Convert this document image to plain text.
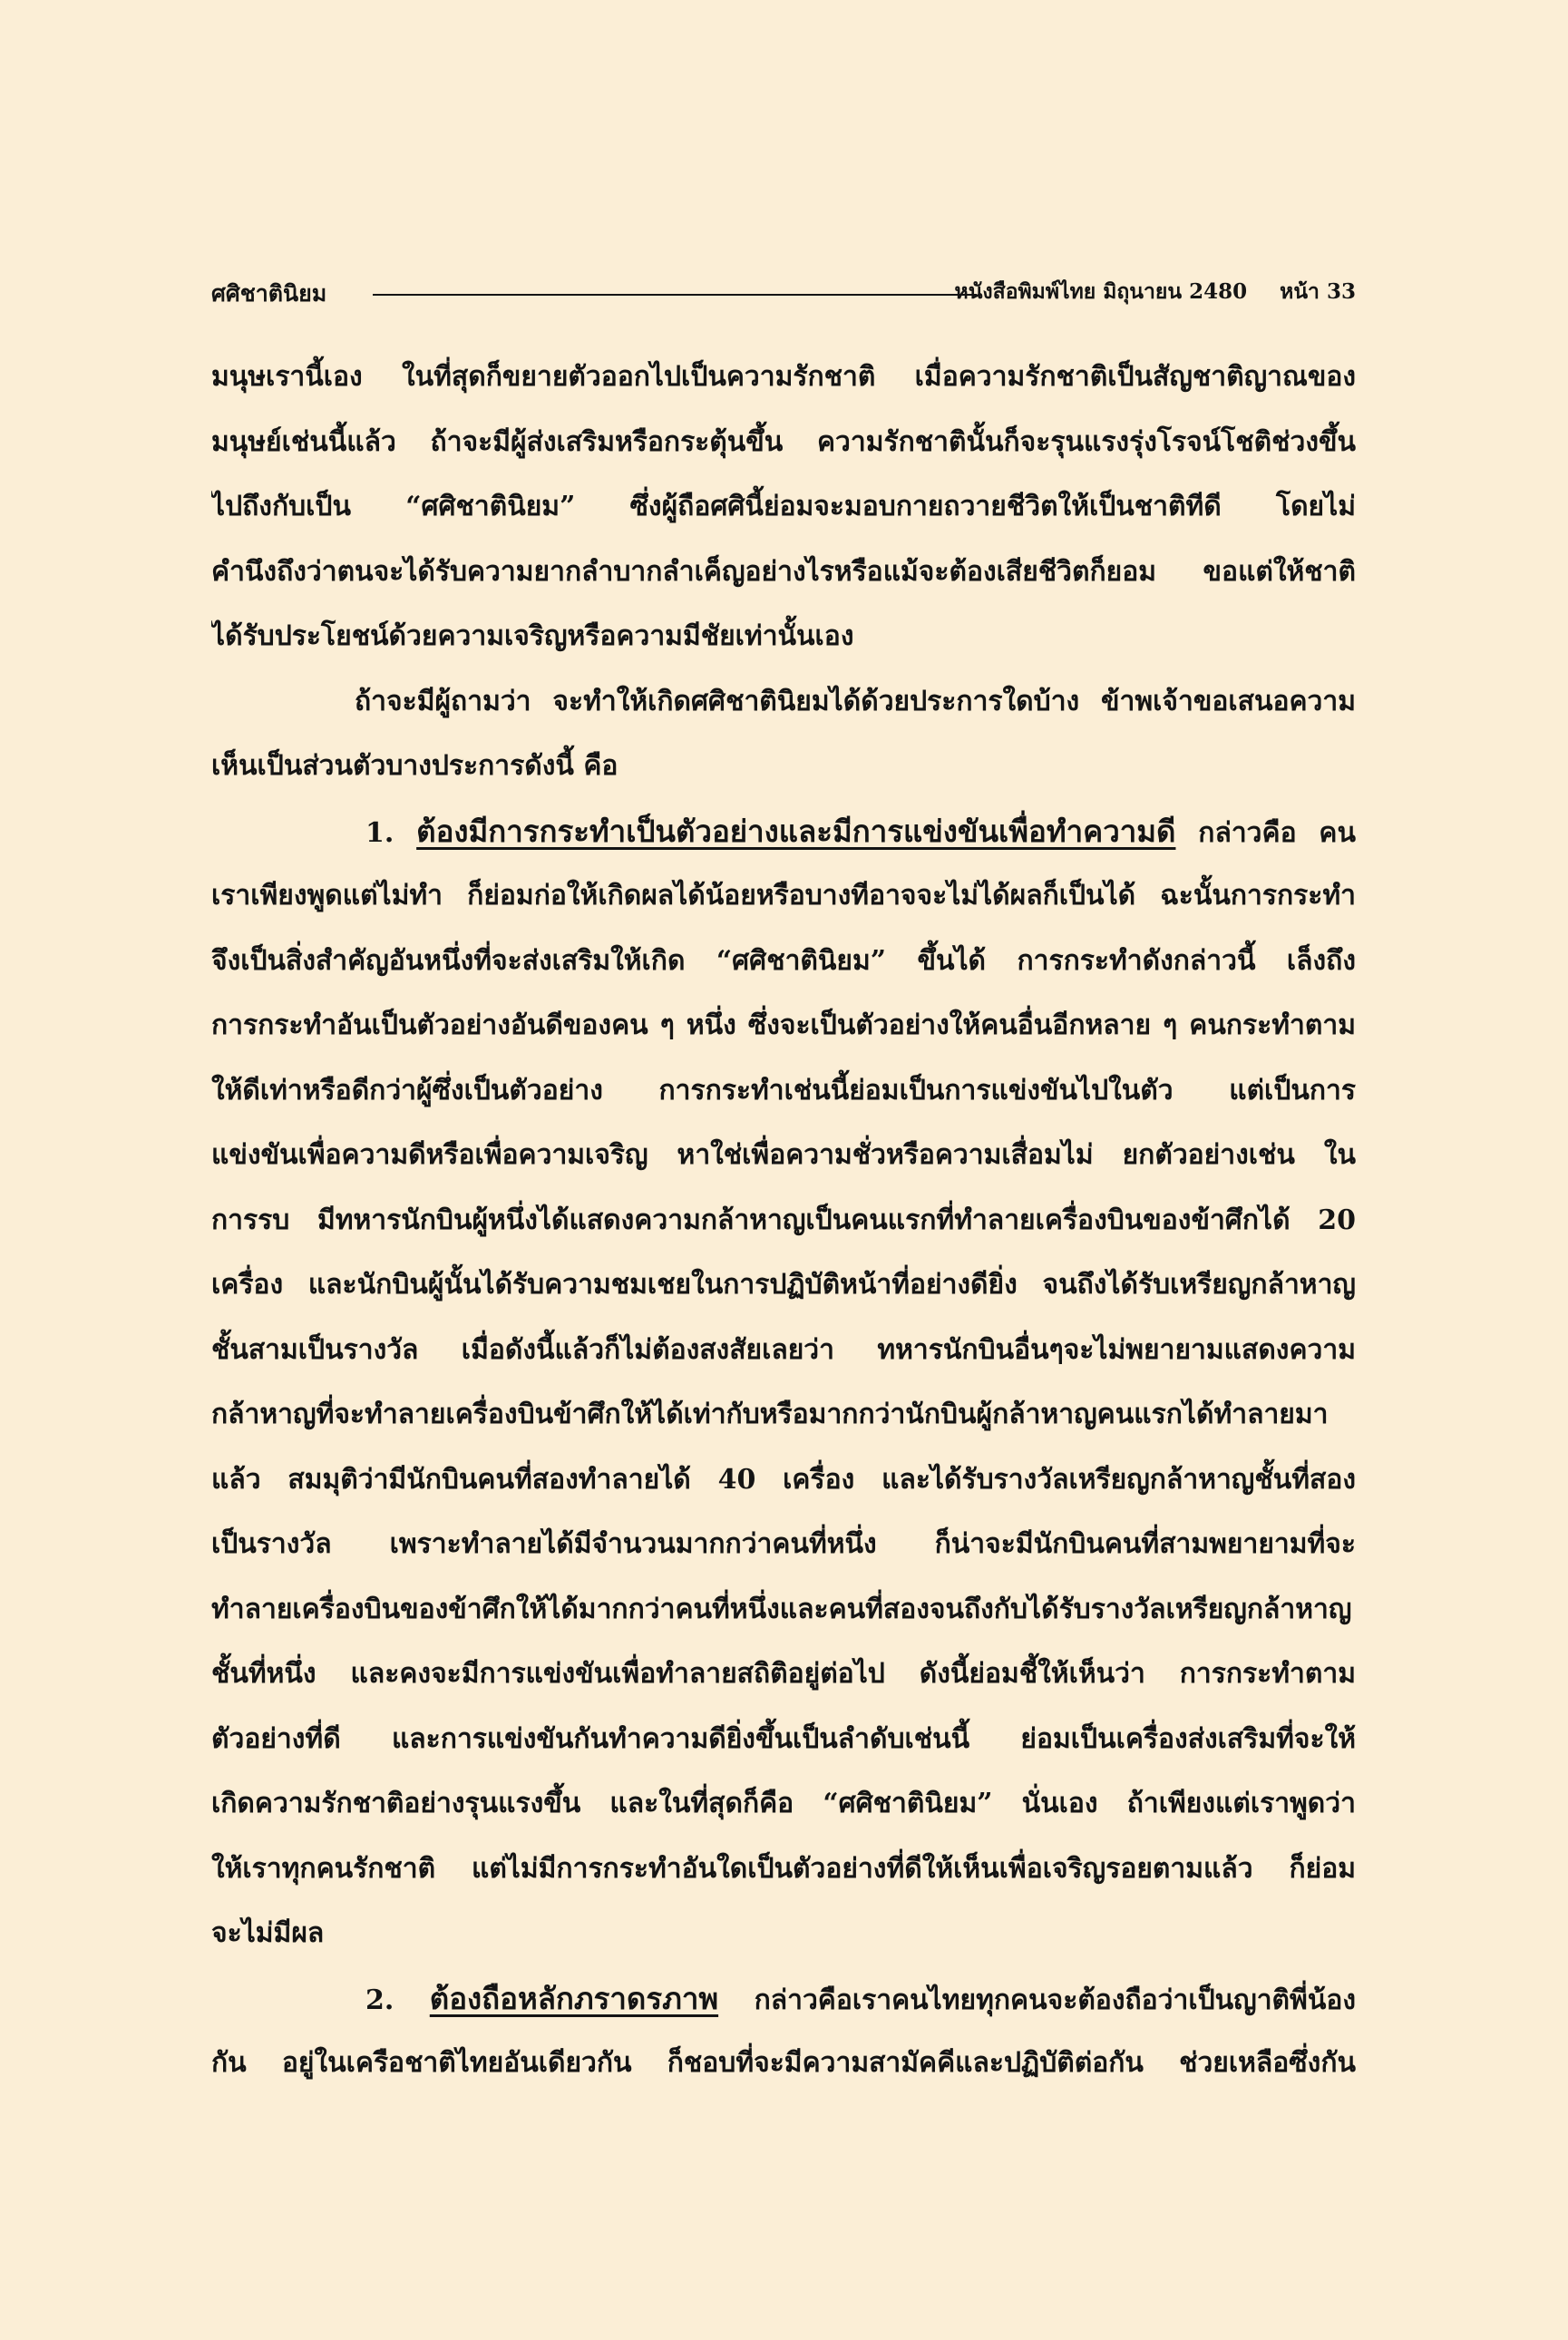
ศศิชาตินิยม	หนังสือพิมพ์ไทย มิถุนายน 2480 หน้า 33
มนุษเรานี้เอง ในที่สุดก็ขยายตัวออกไปเป็นความรักชาติ เมื่อความรักชาติเป็นสัญชาติญาณของ
มนุษย์เช่นนี้แล้ว ถ้าจะมีผู้ส่งเสริมหรือกระตุ้นขึ้น ความรักชาตินั้นก็จะรุนแรงรุ่งโรจน์โชติช่วงขึ้น
ไปถึงกับเป็น “ศศิชาตินิยม” ซึ่งผู้ถือศศินี้ย่อมจะมอบกายถวายชีวิตให้เป็นชาติทีดี โดยไม่
คำนึงถึงว่าตนจะได้รับความยากลำบากลำเค็ญอย่างไรหรือแม้จะต้องเสียชีวิตก็ยอม ขอแต่ให้ชาติ
ได้รับประโยชน์ด้วยความเจริญหรือความมีชัยเท่านั้นเอง
ถ้าจะมีผู้ถามว่า จะทำให้เกิดศศิชาตินิยมได้ด้วยประการใดบ้าง ข้าพเจ้าขอเสนอความ
เห็นเป็นส่วนตัวบางประการดังนี้ คือ
1. ต้องมีการกระทำเป็นตัวอย่างและมีการแข่งขันเพื่อทำความดี กล่าวคือ คน
เราเพียงพูดแต่ไม่ทำ ก็ย่อมก่อให้เกิดผลได้น้อยหรือบางทีอาจจะไม่ได้ผลก็เป็นได้ ฉะนั้นการกระทำ
จึงเป็นสิ่งสำคัญอันหนึ่งที่จะส่งเสริมให้เกิด “ศศิชาตินิยม” ขึ้นได้ การกระทำดังกล่าวนี้ เล็งถึง
การกระทำอันเป็นตัวอย่างอันดีของคน ๆ หนึ่ง ซึ่งจะเป็นตัวอย่างให้คนอื่นอีกหลาย ๆ คนกระทำตาม
ให้ดีเท่าหรือดีกว่าผู้ซึ่งเป็นตัวอย่าง การกระทำเช่นนี้ย่อมเป็นการแข่งขันไปในตัว แต่เป็นการ
แข่งขันเพื่อความดีหรือเพื่อความเจริญ หาใช่เพื่อความชั่วหรือความเสื่อมไม่ ยกตัวอย่างเช่น ใน
การรบ มีทหารนักบินผู้หนึ่งได้แสดงความกล้าหาญเป็นคนแรกที่ทำลายเครื่องบินของข้าศึกได้ 20
เครื่อง และนักบินผู้นั้นได้รับความชมเชยในการปฏิบัติหน้าที่อย่างดียิ่ง จนถึงได้รับเหรียญกล้าหาญ
ชั้นสามเป็นรางวัล เมื่อดังนี้แล้วก็ไม่ต้องสงสัยเลยว่า ทหารนักบินอื่นๆจะไม่พยายามแสดงความ
กล้าหาญที่จะทำลายเครื่องบินข้าศึกให้ได้เท่ากับหรือมากกว่านักบินผู้กล้าหาญคนแรกได้ทำลายมา
แล้ว สมมุติว่ามีนักบินคนที่สองทำลายได้ 40 เครื่อง และได้รับรางวัลเหรียญกล้าหาญชั้นที่สอง
เป็นรางวัล เพราะทำลายได้มีจำนวนมากกว่าคนที่หนึ่ง ก็น่าจะมีนักบินคนที่สามพยายามที่จะ
ทำลายเครื่องบินของข้าศึกให้ได้มากกว่าคนที่หนึ่งและคนที่สองจนถึงกับได้รับรางวัลเหรียญกล้าหาญ
ชั้นที่หนึ่ง และคงจะมีการแข่งขันเพื่อทำลายสถิติอยู่ต่อไป ดังนี้ย่อมชี้ให้เห็นว่า การกระทำตาม
ตัวอย่างที่ดี และการแข่งขันกันทำความดียิ่งขึ้นเป็นลำดับเช่นนี้ ย่อมเป็นเครื่องส่งเสริมที่จะให้
เกิดความรักชาติอย่างรุนแรงขึ้น และในที่สุดก็คือ “ศศิชาตินิยม” นั่นเอง ถ้าเพียงแต่เราพูดว่า
ให้เราทุกคนรักชาติ แต่ไม่มีการกระทำอันใดเป็นตัวอย่างที่ดีให้เห็นเพื่อเจริญรอยตามแล้ว ก็ย่อม
จะไม่มีผล
2. ต้องถือหลักภราดรภาพ กล่าวคือเราคนไทยทุกคนจะต้องถือว่าเป็นญาติพี่น้อง
กัน อยู่ในเครือชาติไทยอันเดียวกัน ก็ชอบที่จะมีความสามัคคีและปฏิบัติต่อกัน ช่วยเหลือซึ่งกัน
